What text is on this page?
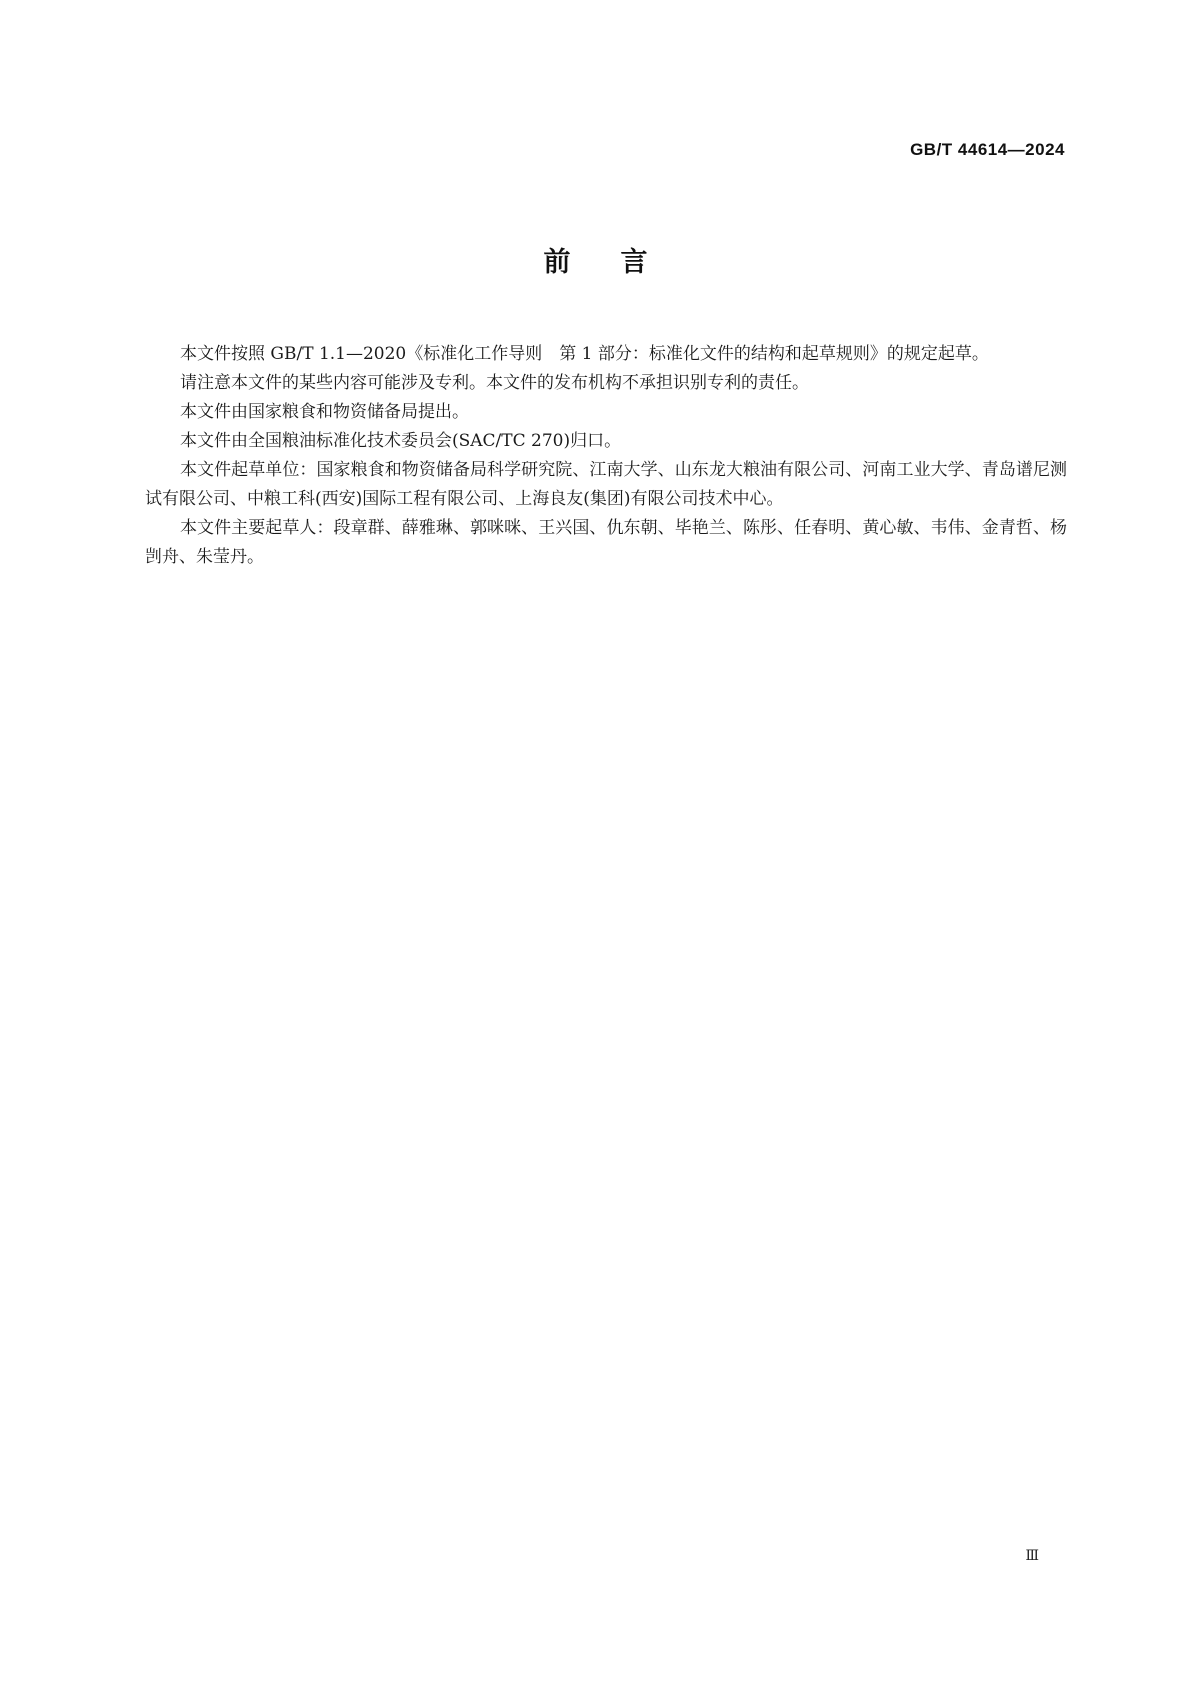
GB/T 44614—2024
前言

本文件按照 GB/T 1.1—2020《标准化工作导则　第 1 部分：标准化文件的结构和起草规则》的规定起草。

请注意本文件的某些内容可能涉及专利。本文件的发布机构不承担识别专利的责任。

本文件由国家粮食和物资储备局提出。

本文件由全国粮油标准化技术委员会(SAC/TC 270)归口。

本文件起草单位：国家粮食和物资储备局科学研究院、江南大学、山东龙大粮油有限公司、河南工业大学、青岛谱尼测试有限公司、中粮工科(西安)国际工程有限公司、上海良友(集团)有限公司技术中心。

本文件主要起草人：段章群、薛雅琳、郭咪咪、王兴国、仇东朝、毕艳兰、陈彤、任春明、黄心敏、韦伟、金青哲、杨剀舟、朱莹丹。

Ⅲ
